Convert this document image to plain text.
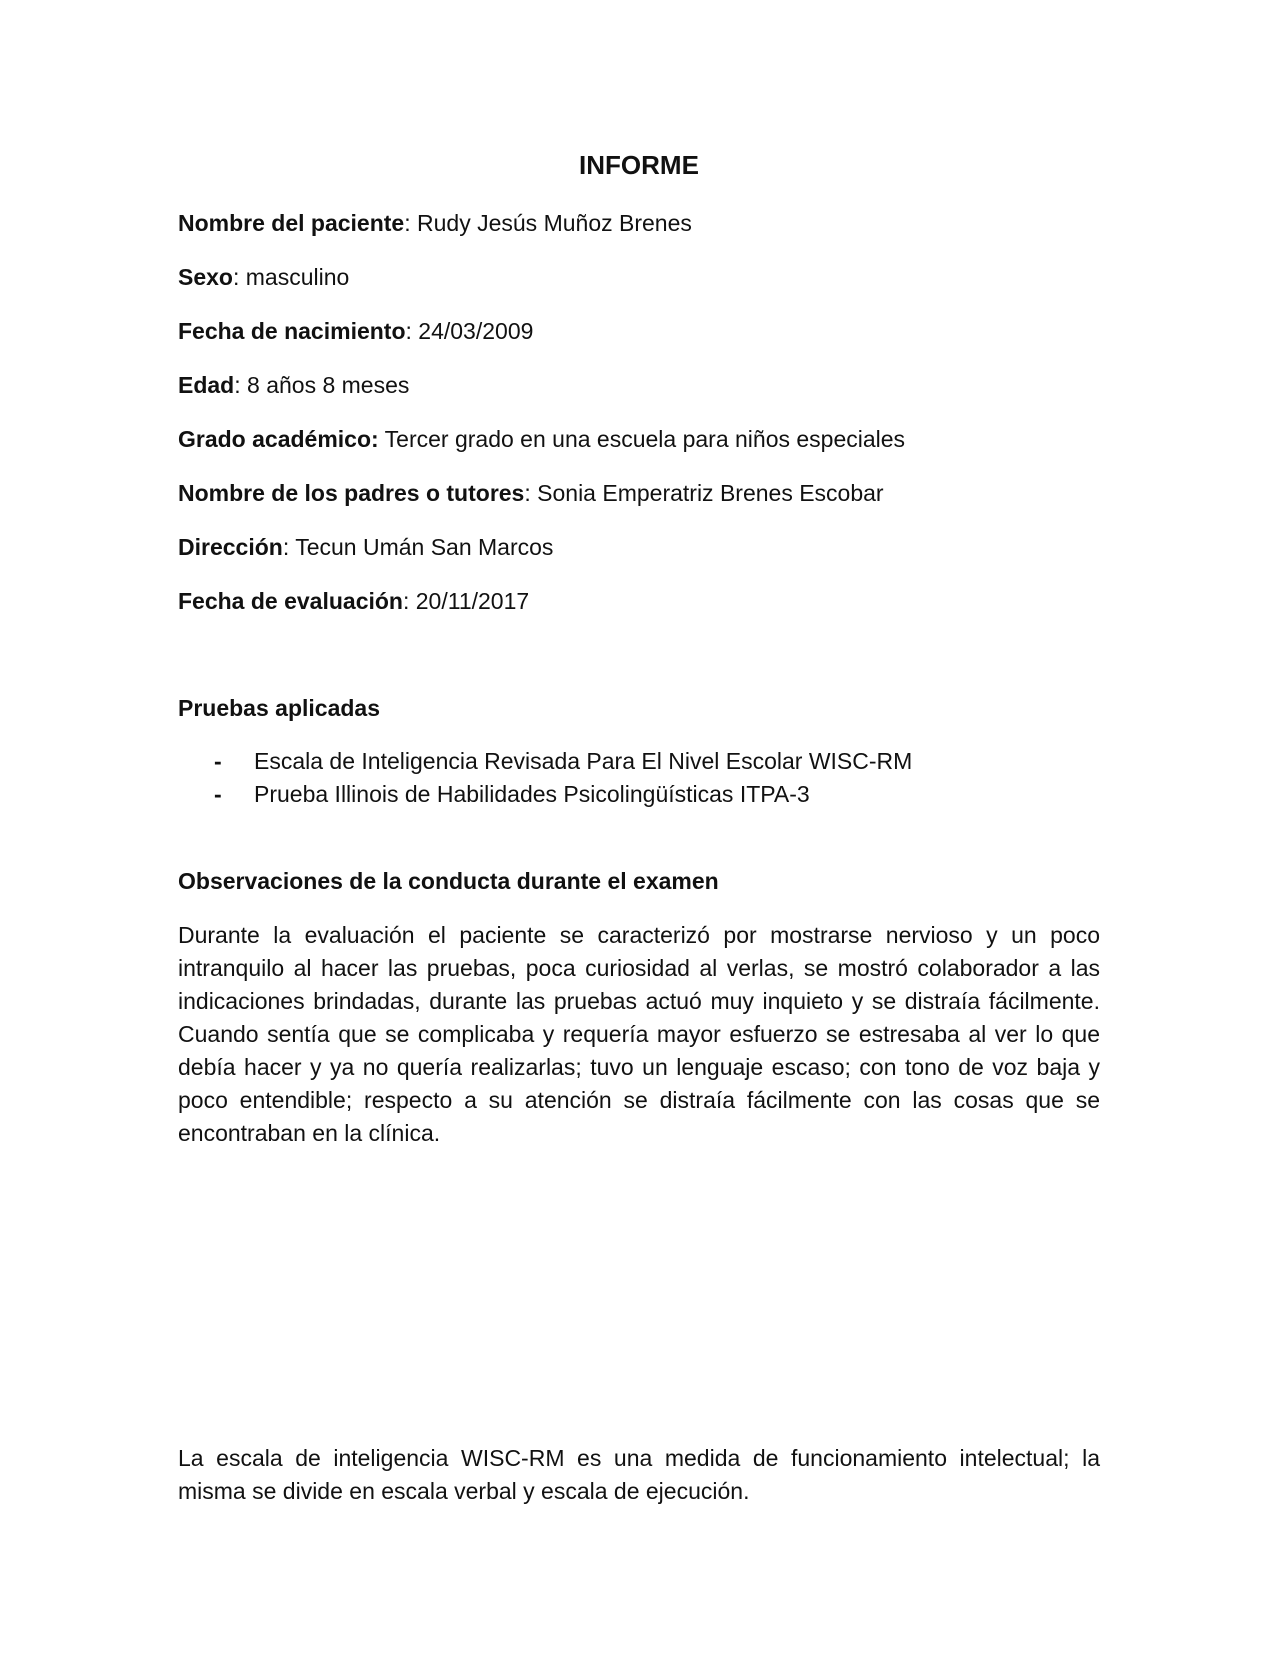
INFORME
Nombre del paciente: Rudy Jesús Muñoz Brenes
Sexo: masculino
Fecha de nacimiento: 24/03/2009
Edad: 8 años 8 meses
Grado académico: Tercer grado en una escuela para niños especiales
Nombre de los padres o tutores: Sonia Emperatriz Brenes Escobar
Dirección: Tecun Umán San Marcos
Fecha de evaluación: 20/11/2017
Pruebas aplicadas
- Escala de Inteligencia Revisada Para El Nivel Escolar WISC-RM
- Prueba Illinois de Habilidades Psicolingüísticas ITPA-3
Observaciones de la conducta durante el examen

Durante la evaluación el paciente se caracterizó por mostrarse nervioso y un poco intranquilo al hacer las pruebas, poca curiosidad al verlas, se mostró colaborador a las indicaciones brindadas, durante las pruebas actuó muy inquieto y se distraía fácilmente. Cuando sentía que se complicaba y requería mayor esfuerzo se estresaba al ver lo que debía hacer y ya no quería realizarlas; tuvo un lenguaje escaso; con tono de voz baja y poco entendible; respecto a su atención se distraía fácilmente con las cosas que se encontraban en la clínica.

La escala de inteligencia WISC-RM es una medida de funcionamiento intelectual; la misma se divide en escala verbal y escala de ejecución.
